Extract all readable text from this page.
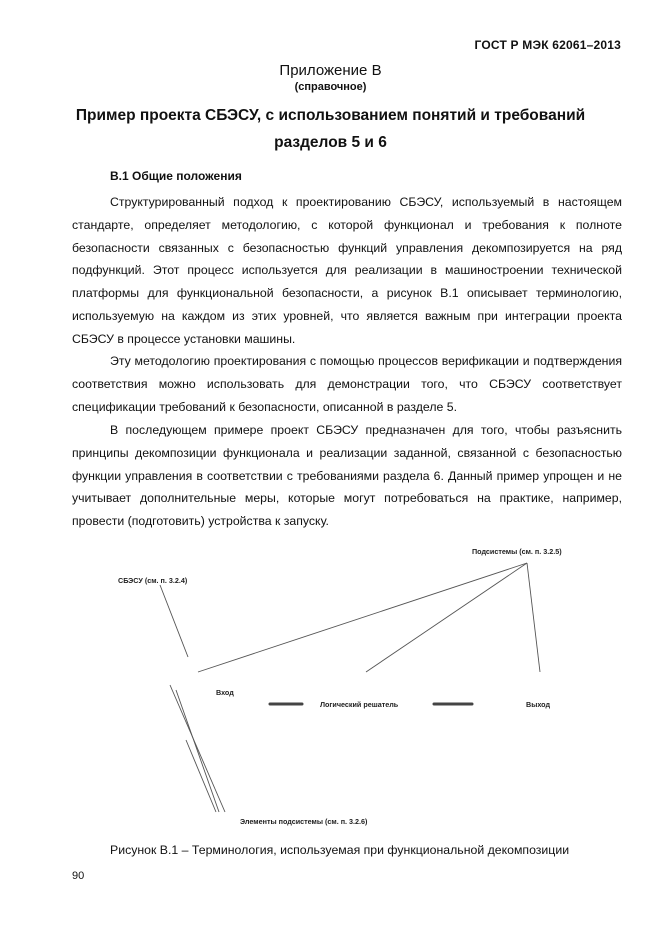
ГОСТ Р МЭК 62061–2013
Приложение В
(справочное)
Пример проекта СБЭСУ, с использованием понятий и требований
разделов 5 и 6
В.1 Общие положения

Структурированный подход к проектированию СБЭСУ, используемый в настоящем стандарте, определяет методологию, с которой функционал и требования к полноте безопасности связанных с безопасностью функций управления декомпозируется на ряд подфункций. Этот процесс используется для реализации в машиностроении технической платформы для функциональной безопасности, а рисунок В.1 описывает терминологию, используемую на каждом из этих уровней, что является важным при интеграции проекта СБЭСУ в процессе установки машины.

Эту методологию проектирования с помощью процессов верификации и подтверждения соответствия можно использовать для демонстрации того, что СБЭСУ соответствует спецификации требований к безопасности, описанной в разделе 5.

В последующем примере проект СБЭСУ предназначен для того, чтобы разъяснить принципы декомпозиции функционала и реализации заданной, связанной с безопасностью функции управления в соответствии с требованиями раздела 6. Данный пример упрощен и не учитывает дополнительные меры, которые могут потребоваться на практике, например, провести (подготовить) устройства к запуску.

Подсистемы (см. п. 3.2.5)
СБЭСУ (см. п. 3.2.4)
Вход
Логический решатель	Выход
Элементы подсистемы (см. п. 3.2.6)
Рисунок В.1 – Терминология, используемая при функциональной декомпозиции
90
